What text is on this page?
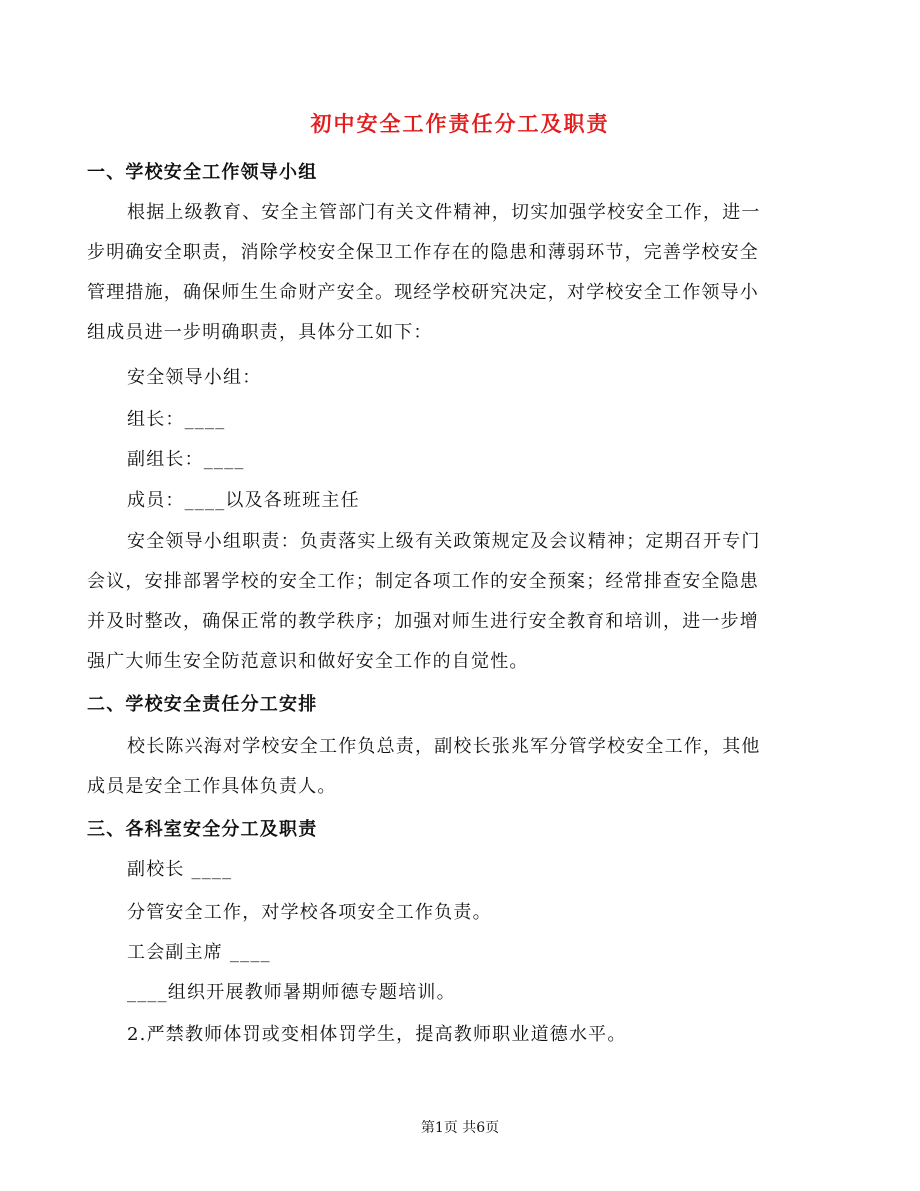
初中安全工作责任分工及职责
一、学校安全工作领导小组
根据上级教育、安全主管部门有关文件精神，切实加强学校安全工作，进一
步明确安全职责，消除学校安全保卫工作存在的隐患和薄弱环节，完善学校安全
管理措施，确保师生生命财产安全。现经学校研究决定，对学校安全工作领导小
组成员进一步明确职责，具体分工如下：
安全领导小组：
组长：____
副组长：____
成员：____以及各班班主任
安全领导小组职责：负责落实上级有关政策规定及会议精神；定期召开专门
会议，安排部署学校的安全工作；制定各项工作的安全预案；经常排查安全隐患
并及时整改，确保正常的教学秩序；加强对师生进行安全教育和培训，进一步增
强广大师生安全防范意识和做好安全工作的自觉性。
二、学校安全责任分工安排
校长陈兴海对学校安全工作负总责，副校长张兆军分管学校安全工作，其他
成员是安全工作具体负责人。
三、各科室安全分工及职责
副校长 ____
分管安全工作，对学校各项安全工作负责。
工会副主席 ____
____组织开展教师暑期师德专题培训。
2.严禁教师体罚或变相体罚学生，提高教师职业道德水平。
第1页 共6页
